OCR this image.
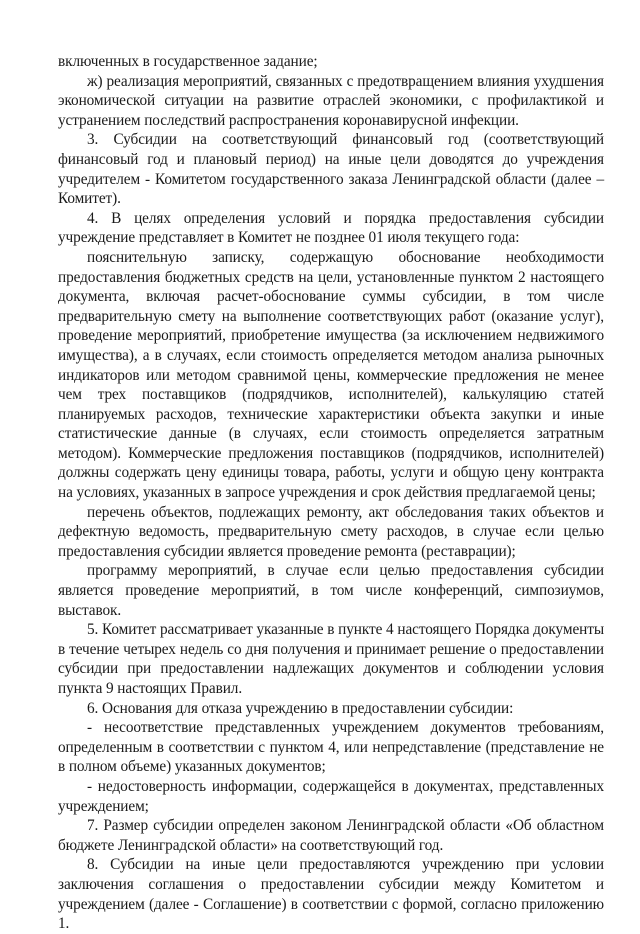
включенных в государственное задание;

ж) реализация мероприятий, связанных с предотвращением влияния ухудшения экономической ситуации на развитие отраслей экономики, с профилактикой и устранением последствий распространения коронавирусной инфекции.

3. Субсидии на соответствующий финансовый год (соответствующий финансовый год и плановый период) на иные цели доводятся до учреждения учредителем - Комитетом государственного заказа Ленинградской области (далее – Комитет).

4. В целях определения условий и порядка предоставления субсидии учреждение представляет в Комитет не позднее 01 июля текущего года:

пояснительную записку, содержащую обоснование необходимости предоставления бюджетных средств на цели, установленные пунктом 2 настоящего документа, включая расчет-обоснование суммы субсидии, в том числе предварительную смету на выполнение соответствующих работ (оказание услуг), проведение мероприятий, приобретение имущества (за исключением недвижимого имущества), а в случаях, если стоимость определяется методом анализа рыночных индикаторов или методом сравнимой цены, коммерческие предложения не менее чем трех поставщиков (подрядчиков, исполнителей), калькуляцию статей планируемых расходов, технические характеристики объекта закупки и иные статистические данные (в случаях, если стоимость определяется затратным методом). Коммерческие предложения поставщиков (подрядчиков, исполнителей) должны содержать цену единицы товара, работы, услуги и общую цену контракта на условиях, указанных в запросе учреждения и срок действия предлагаемой цены;

перечень объектов, подлежащих ремонту, акт обследования таких объектов и дефектную ведомость, предварительную смету расходов, в случае если целью предоставления субсидии является проведение ремонта (реставрации);

программу мероприятий, в случае если целью предоставления субсидии является проведение мероприятий, в том числе конференций, симпозиумов, выставок.

5. Комитет рассматривает указанные в пункте 4 настоящего Порядка документы в течение четырех недель со дня получения и принимает решение о предоставлении субсидии при предоставлении надлежащих документов и соблюдении условия пункта 9 настоящих Правил.

6. Основания для отказа учреждению в предоставлении субсидии:

- несоответствие представленных учреждением документов требованиям, определенным в соответствии с пунктом 4, или непредставление (представление не в полном объеме) указанных документов;

- недостоверность информации, содержащейся в документах, представленных учреждением;

7. Размер субсидии определен законом Ленинградской области «Об областном бюджете Ленинградской области» на соответствующий год.

8. Субсидии на иные цели предоставляются учреждению при условии заключения соглашения о предоставлении субсидии между Комитетом и учреждением (далее - Соглашение) в соответствии с формой, согласно приложению 1.
